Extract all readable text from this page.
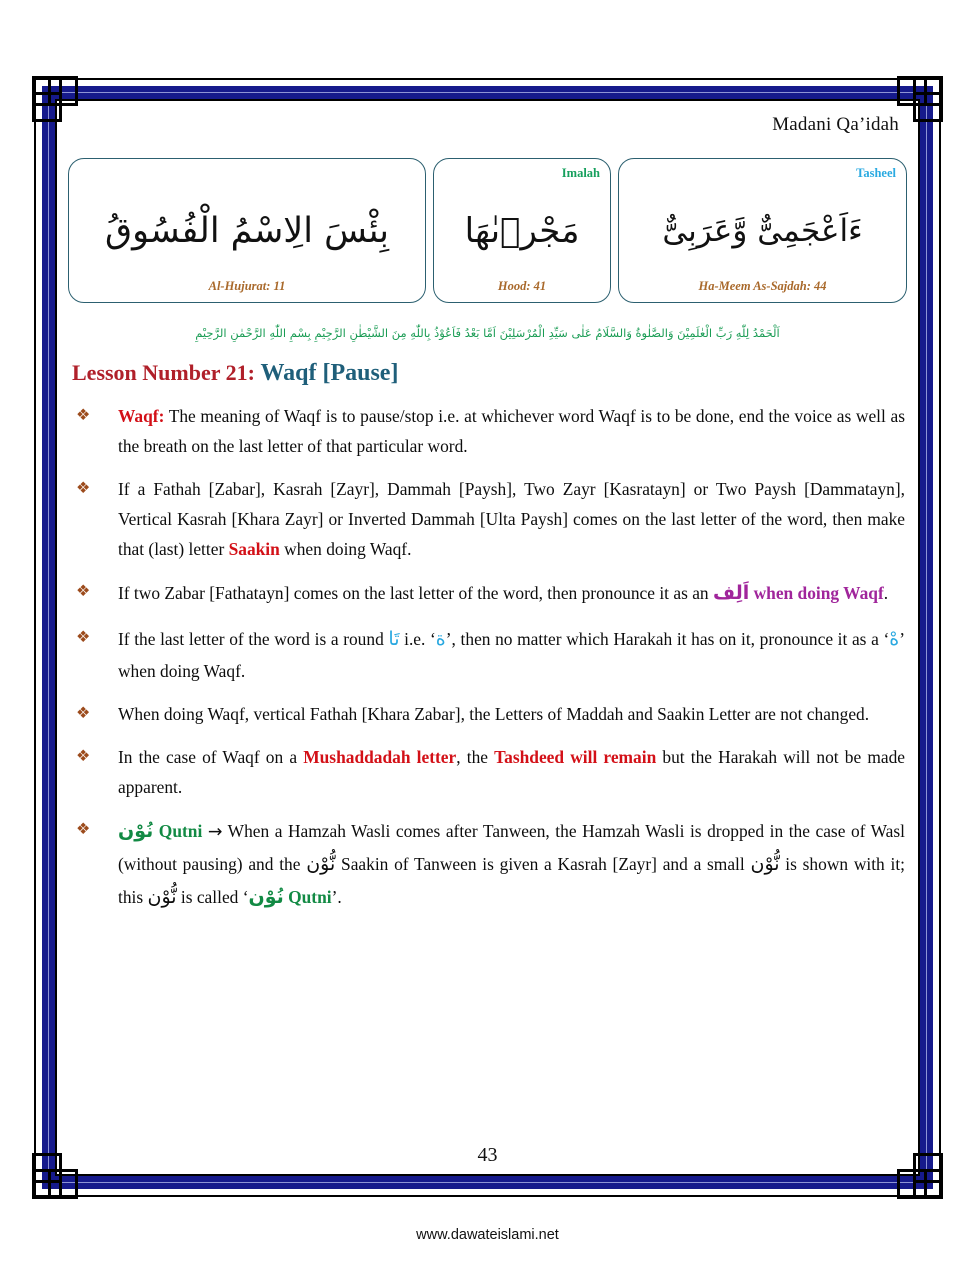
Madani Qa’idah
بِئْسَ الِاسْمُ الْفُسُوقُ
Al-Hujurat: 11
Imalah
مَجْرٖىٰهَا
Hood: 41
Tasheel
ءَاَعْجَمِىٌّ وَّعَرَبِىٌّ
Ha-Meem As-Sajdah: 44
اَلْحَمْدُ لِلّٰهِ رَبِّ الْعٰلَمِيْنَ وَالصَّلٰوةُ وَالسَّلَامُ عَلٰى سَيِّدِ الْمُرْسَلِيْنَ اَمَّا بَعْدُ فَاَعُوْذُ بِاللّٰهِ مِنَ الشَّيْطٰنِ الرَّجِيْمِ بِسْمِ اللّٰهِ الرَّحْمٰنِ الرَّحِيْمِ
Lesson Number 21: Waqf [Pause]
❖ Waqf: The meaning of Waqf is to pause/stop i.e. at whichever word Waqf is to be done, end the voice as well as the breath on the last letter of that particular word.
❖ If a Fathah [Zabar], Kasrah [Zayr], Dammah [Paysh], Two Zayr [Kasratayn] or Two Paysh [Dammatayn], Vertical Kasrah [Khara Zayr] or Inverted Dammah [Ulta Paysh] comes on the last letter of the word, then make that (last) letter Saakin when doing Waqf.
❖ If two Zabar [Fathatayn] comes on the last letter of the word, then pronounce it as an اَلِف when doing Waqf.
❖ If the last letter of the word is a round تَا i.e. ‘ة’, then no matter which Harakah it has on it, pronounce it as a ‘هْ’ when doing Waqf.
❖ When doing Waqf, vertical Fathah [Khara Zabar], the Letters of Maddah and Saakin Letter are not changed.
❖ In the case of Waqf on a Mushaddadah letter, the Tashdeed will remain but the Harakah will not be made apparent.
❖ نُوْن Qutni → When a Hamzah Wasli comes after Tanween, the Hamzah Wasli is dropped in the case of Wasl (without pausing) and the نُّوْن Saakin of Tanween is given a Kasrah [Zayr] and a small نُّوْن is shown with it; this نُّوْن is called ‘نُوْن Qutni’.
43
www.dawateislami.net
